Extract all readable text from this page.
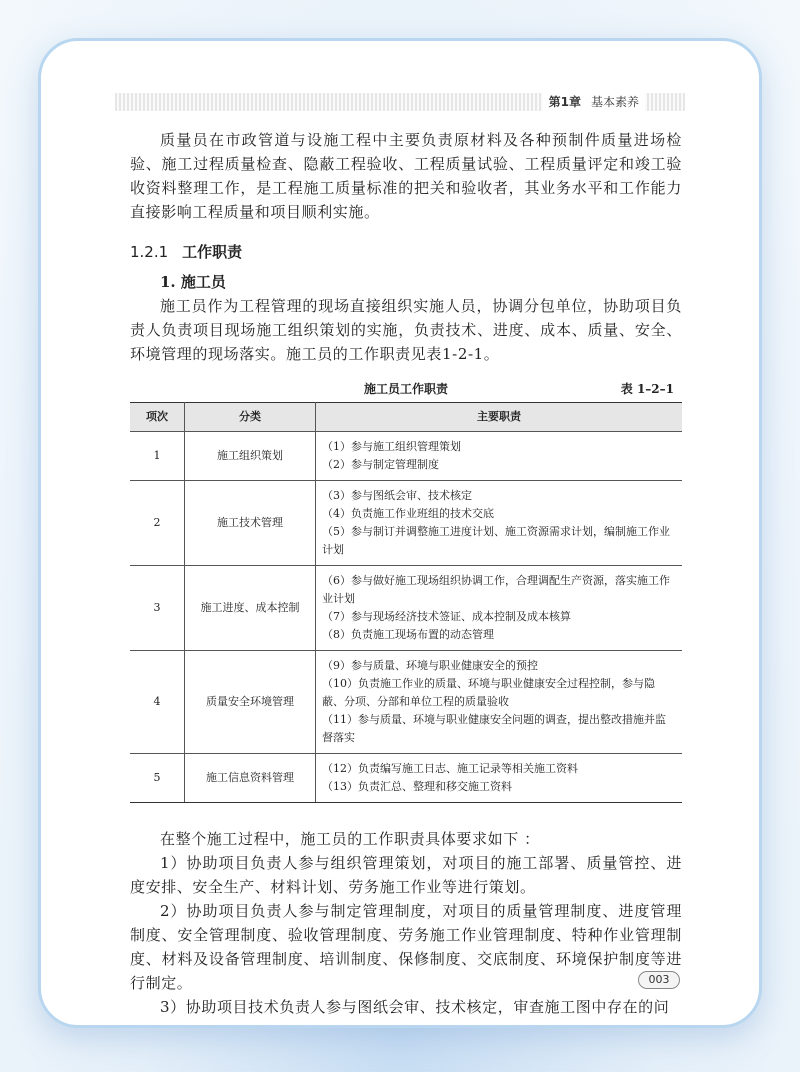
第1章 基本素养

质量员在市政管道与设施工程中主要负责原材料及各种预制件质量进场检验、施工过程质量检查、隐蔽工程验收、工程质量试验、工程质量评定和竣工验收资料整理工作，是工程施工质量标准的把关和验收者，其业务水平和工作能力直接影响工程质量和项目顺利实施。

1.2.1 工作职责
1. 施工员

施工员作为工程管理的现场直接组织实施人员，协调分包单位，协助项目负责人负责项目现场施工组织策划的实施，负责技术、进度、成本、质量、安全、环境管理的现场落实。施工员的工作职责见表1-2-1。

施工员工作职责	表 1–2–1
项次	分类	主要职责
1	施工组织策划	（1）参与施工组织管理策划
（2）参与制定管理制度

2	施工技术管理	（3）参与图纸会审、技术核定
（4）负责施工作业班组的技术交底
（5）参与制订并调整施工进度计划、施工资源需求计划，编制施工作业计划

3	施工进度、成本控制	（6）参与做好施工现场组织协调工作，合理调配生产资源，落实施工作业计划
（7）参与现场经济技术签证、成本控制及成本核算
（8）负责施工现场布置的动态管理

4	质量安全环境管理	（9）参与质量、环境与职业健康安全的预控
（10）负责施工作业的质量、环境与职业健康安全过程控制，参与隐蔽、分项、分部和单位工程的质量验收
（11）参与质量、环境与职业健康安全问题的调查，提出整改措施并监督落实

5	施工信息资料管理	（12）负责编写施工日志、施工记录等相关施工资料
（13）负责汇总、整理和移交施工资料

在整个施工过程中，施工员的工作职责具体要求如下 ：

1）协助项目负责人参与组织管理策划，对项目的施工部署、质量管控、进度安排、安全生产、材料计划、劳务施工作业等进行策划。

2）协助项目负责人参与制定管理制度，对项目的质量管理制度、进度管理制度、安全管理制度、验收管理制度、劳务施工作业管理制度、特种作业管理制度、材料及设备管理制度、培训制度、保修制度、交底制度、环境保护制度等进行制定。

3）协助项目技术负责人参与图纸会审、技术核定，审查施工图中存在的问

003
